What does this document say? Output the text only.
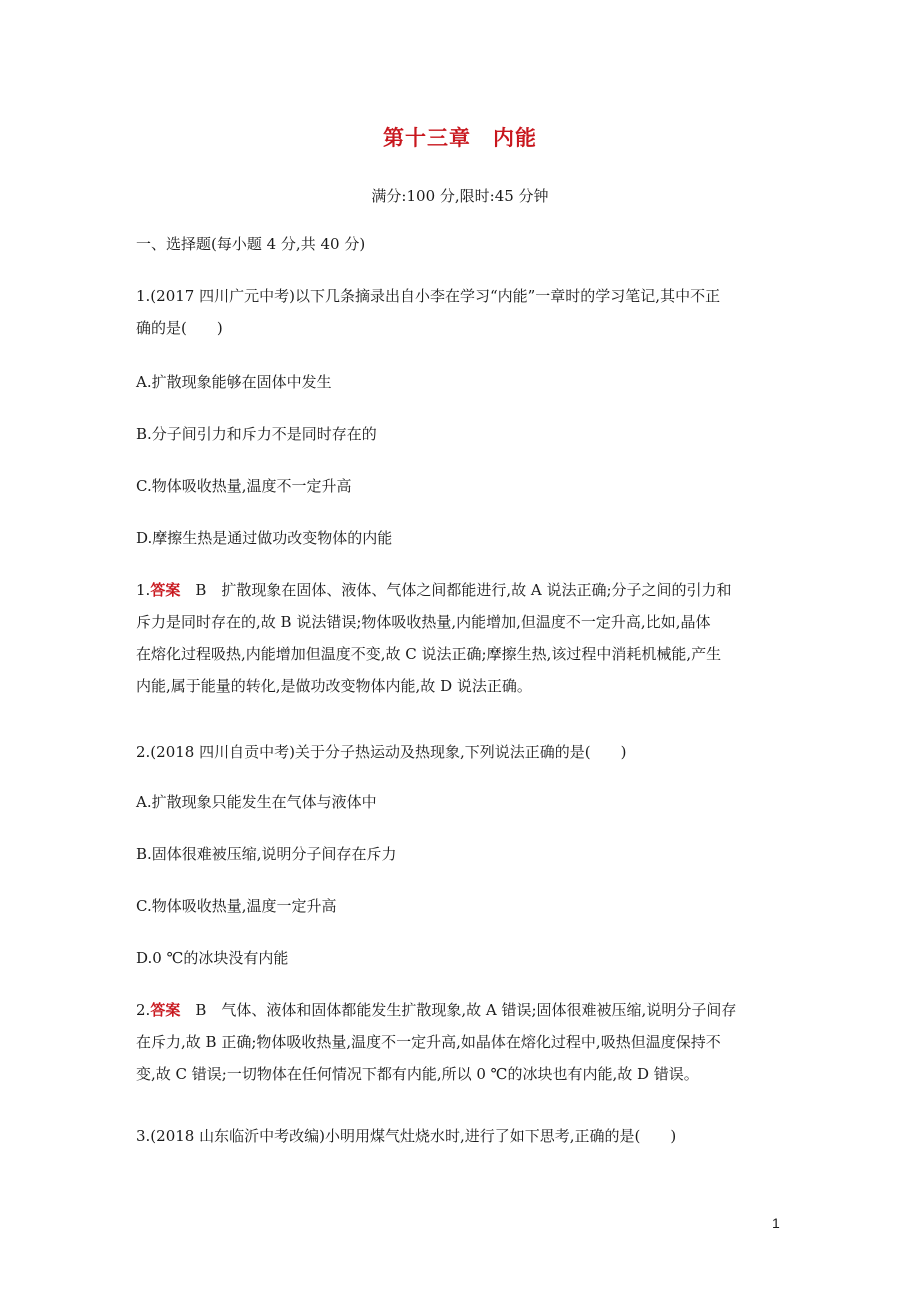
第十三章　内能
满分:100 分,限时:45 分钟
一、选择题(每小题 4 分,共 40 分)
1.(2017 四川广元中考)以下几条摘录出自小李在学习“内能”一章时的学习笔记,其中不正
确的是(　　)
A.扩散现象能够在固体中发生
B.分子间引力和斥力不是同时存在的
C.物体吸收热量,温度不一定升高
D.摩擦生热是通过做功改变物体的内能
1.答案　B　扩散现象在固体、液体、气体之间都能进行,故 A 说法正确;分子之间的引力和
斥力是同时存在的,故 B 说法错误;物体吸收热量,内能增加,但温度不一定升高,比如,晶体
在熔化过程吸热,内能增加但温度不变,故 C 说法正确;摩擦生热,该过程中消耗机械能,产生
内能,属于能量的转化,是做功改变物体内能,故 D 说法正确。
2.(2018 四川自贡中考)关于分子热运动及热现象,下列说法正确的是(　　)
A.扩散现象只能发生在气体与液体中
B.固体很难被压缩,说明分子间存在斥力
C.物体吸收热量,温度一定升高
D.0 ℃的冰块没有内能
2.答案　B　气体、液体和固体都能发生扩散现象,故 A 错误;固体很难被压缩,说明分子间存
在斥力,故 B 正确;物体吸收热量,温度不一定升高,如晶体在熔化过程中,吸热但温度保持不
变,故 C 错误;一切物体在任何情况下都有内能,所以 0 ℃的冰块也有内能,故 D 错误。
3.(2018 山东临沂中考改编)小明用煤气灶烧水时,进行了如下思考,正确的是(　　)
1
